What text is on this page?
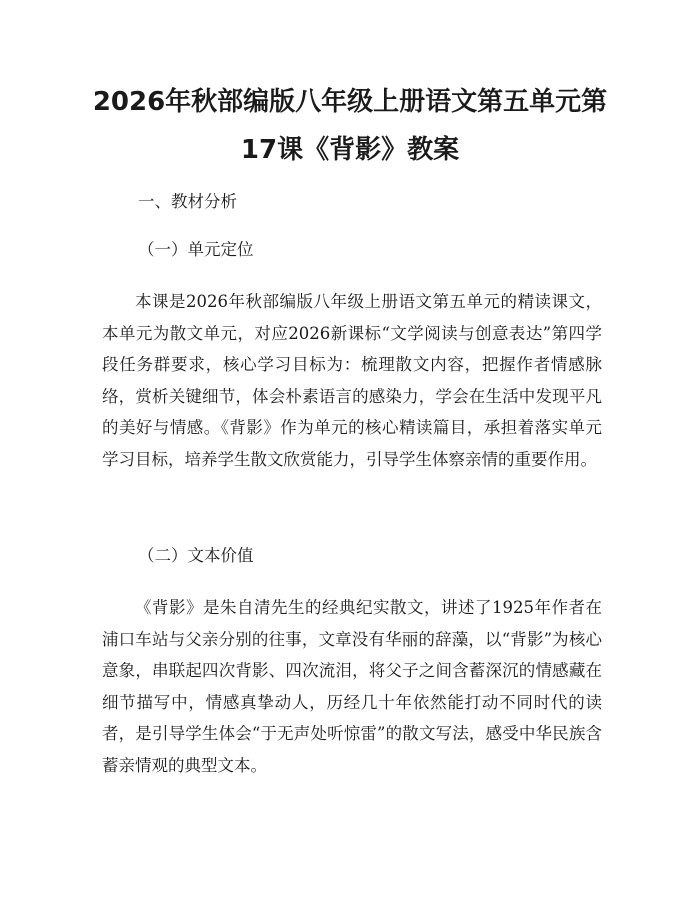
2026年秋部编版八年级上册语文第五单元第
17课《背影》教案

一、教材分析

（一）单元定位

本课是2026年秋部编版八年级上册语文第五单元的精读课文，本单元为散文单元，对应2026新课标“文学阅读与创意表达”第四学段任务群要求，核心学习目标为：梳理散文内容，把握作者情感脉络，赏析关键细节，体会朴素语言的感染力，学会在生活中发现平凡的美好与情感。《背影》作为单元的核心精读篇目，承担着落实单元学习目标，培养学生散文欣赏能力，引导学生体察亲情的重要作用。

（二）文本价值

《背影》是朱自清先生的经典纪实散文，讲述了1925年作者在浦口车站与父亲分别的往事，文章没有华丽的辞藻，以“背影”为核心意象，串联起四次背影、四次流泪，将父子之间含蓄深沉的情感藏在细节描写中，情感真挚动人，历经几十年依然能打动不同时代的读者，是引导学生体会“于无声处听惊雷”的散文写法，感受中华民族含蓄亲情观的典型文本。
